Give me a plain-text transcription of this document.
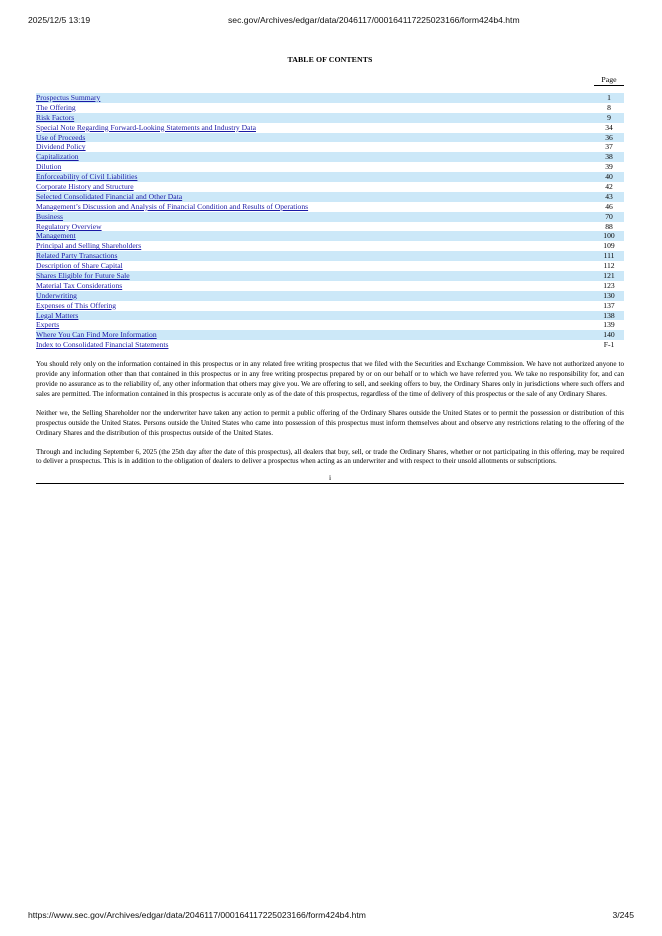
2025/12/5 13:19	sec.gov/Archives/edgar/data/2046117/000164117225023166/form424b4.htm
TABLE OF CONTENTS
Page
Prospectus Summary	1
The Offering	8
Risk Factors	9
Special Note Regarding Forward-Looking Statements and Industry Data	34
Use of Proceeds	36
Dividend Policy	37
Capitalization	38
Dilution	39
Enforceability of Civil Liabilities	40
Corporate History and Structure	42
Selected Consolidated Financial and Other Data	43
Management’s Discussion and Analysis of Financial Condition and Results of Operations	46
Business	70
Regulatory Overview	88
Management	100
Principal and Selling Shareholders	109
Related Party Transactions	111
Description of Share Capital	112
Shares Eligible for Future Sale	121
Material Tax Considerations	123
Underwriting	130
Expenses of This Offering	137
Legal Matters	138
Experts	139
Where You Can Find More Information	140
Index to Consolidated Financial Statements	F-1

You should rely only on the information contained in this prospectus or in any related free writing prospectus that we filed with the Securities and Exchange Commission. We have not authorized anyone to provide any information other than that contained in this prospectus or in any free writing prospectus prepared by or on our behalf or to which we have referred you. We take no responsibility for, and can provide no assurance as to the reliability of, any other information that others may give you. We are offering to sell, and seeking offers to buy, the Ordinary Shares only in jurisdictions where such offers and sales are permitted. The information contained in this prospectus is accurate only as of the date of this prospectus, regardless of the time of delivery of this prospectus or the sale of any Ordinary Shares.

Neither we, the Selling Shareholder nor the underwriter have taken any action to permit a public offering of the Ordinary Shares outside the United States or to permit the possession or distribution of this prospectus outside the United States. Persons outside the United States who came into possession of this prospectus must inform themselves about and observe any restrictions relating to the offering of the Ordinary Shares and the distribution of this prospectus outside of the United States.

Through and including September 6, 2025 (the 25th day after the date of this prospectus), all dealers that buy, sell, or trade the Ordinary Shares, whether or not participating in this offering, may be required to deliver a prospectus. This is in addition to the obligation of dealers to deliver a prospectus when acting as an underwriter and with respect to their unsold allotments or subscriptions.

i
https://www.sec.gov/Archives/edgar/data/2046117/000164117225023166/form424b4.htm	3/245
